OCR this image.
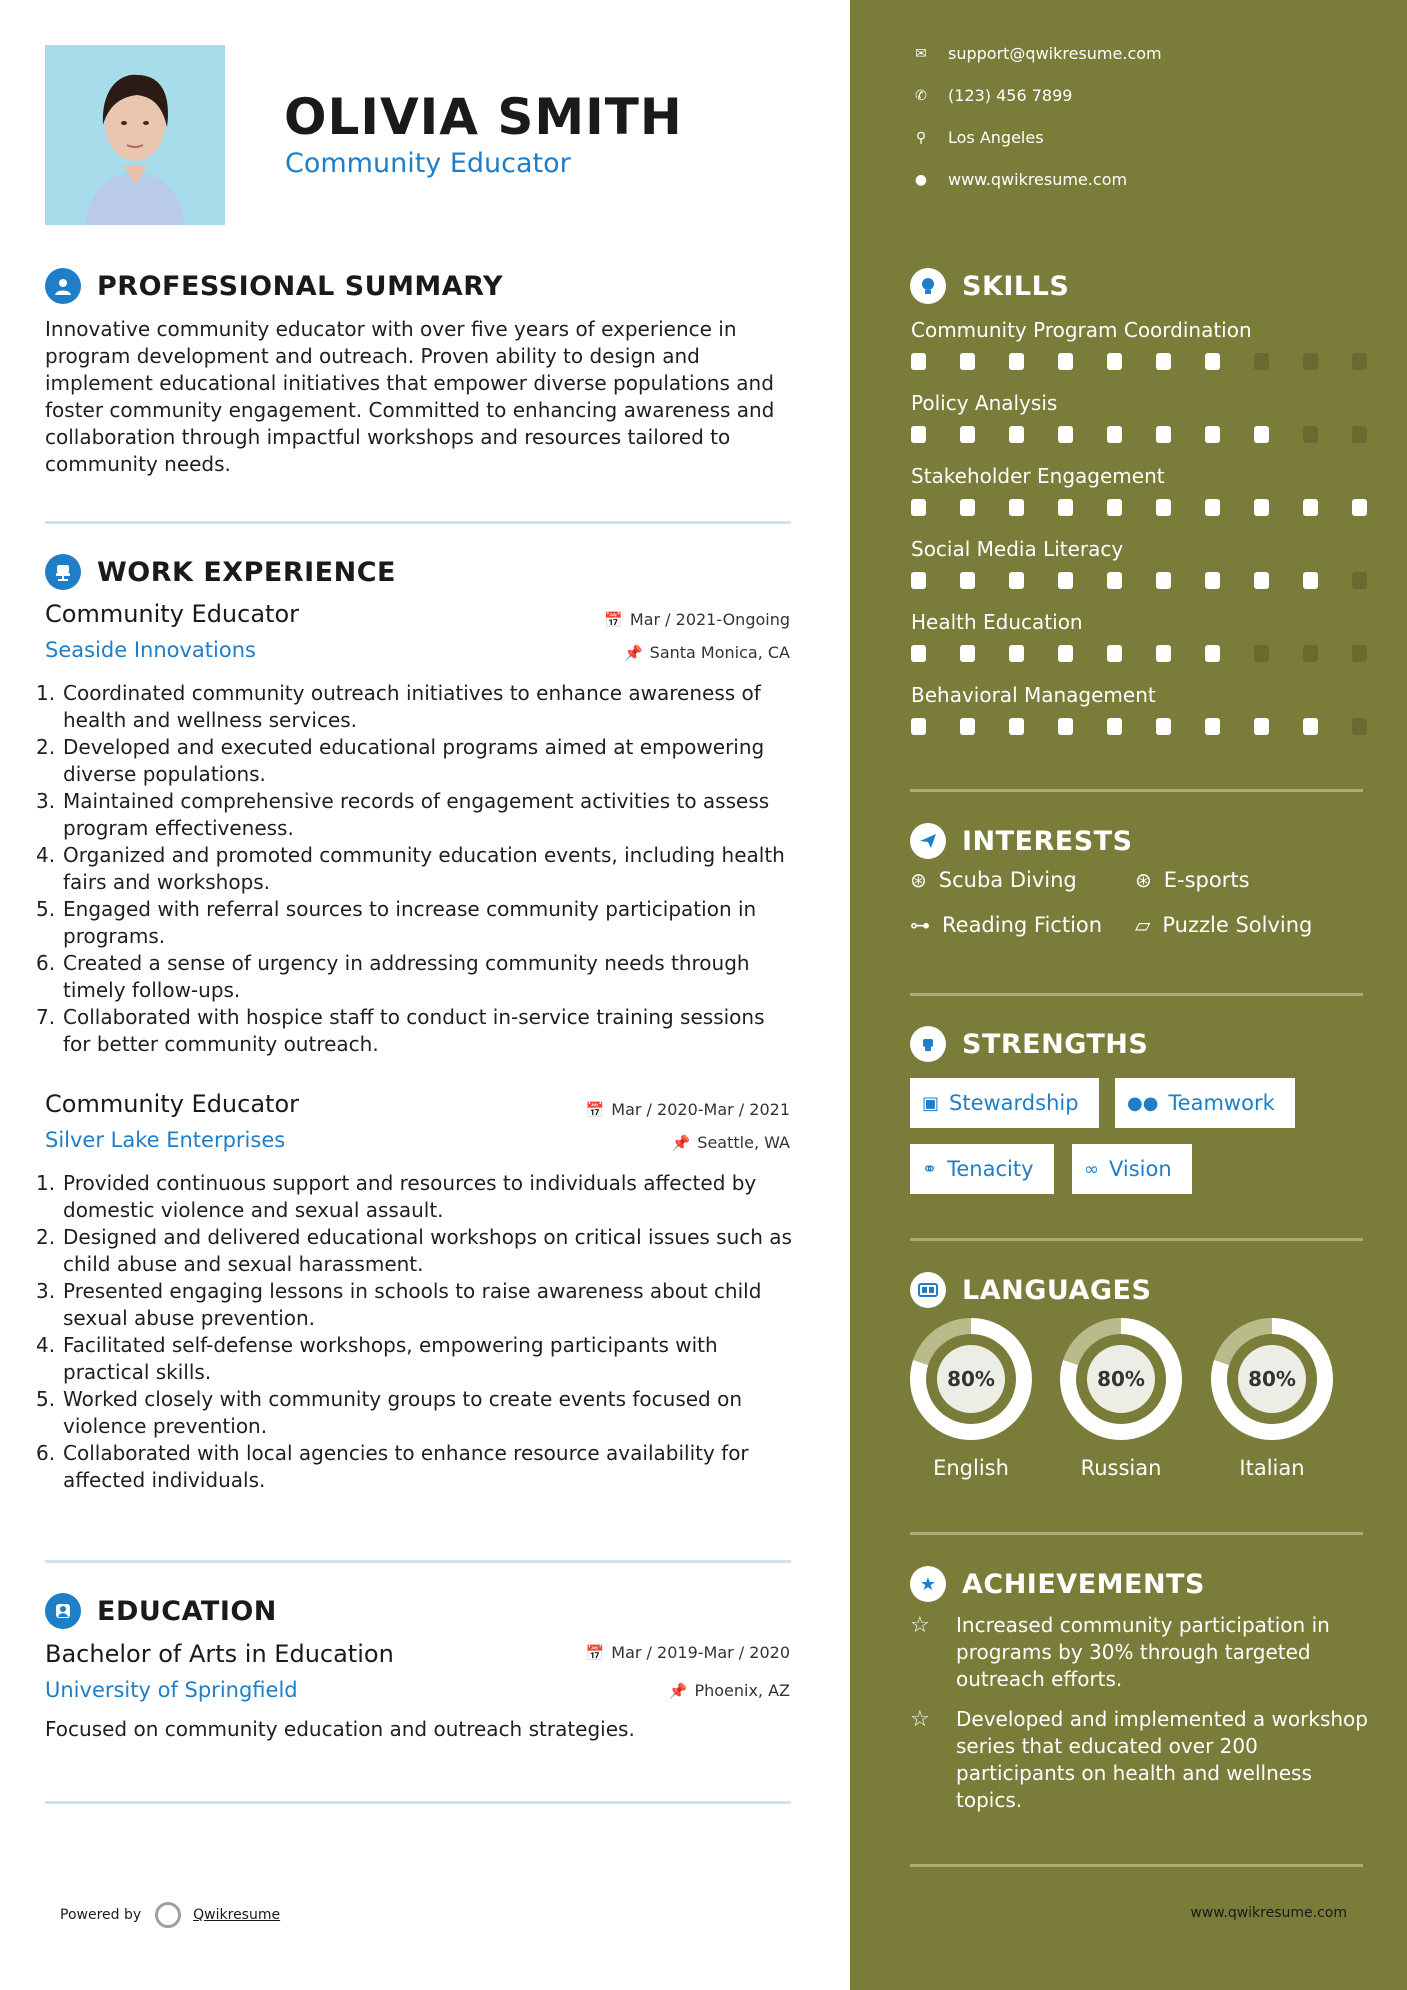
OLIVIA SMITH
Community Educator
PROFESSIONAL SUMMARY
Innovative community educator with over five years of experience in program development and outreach. Proven ability to design and implement educational initiatives that empower diverse populations and foster community engagement. Committed to enhancing awareness and collaboration through impactful workshops and resources tailored to community needs.
WORK EXPERIENCE
Community Educator	📅 Mar / 2021-Ongoing
Seaside Innovations	📌 Santa Monica, CA
1. Coordinated community outreach initiatives to enhance awareness of health and wellness services.
2. Developed and executed educational programs aimed at empowering diverse populations.
3. Maintained comprehensive records of engagement activities to assess program effectiveness.
4. Organized and promoted community education events, including health fairs and workshops.
5. Engaged with referral sources to increase community participation in programs.
6. Created a sense of urgency in addressing community needs through timely follow-ups.
7. Collaborated with hospice staff to conduct in-service training sessions for better community outreach.
Community Educator	📅 Mar / 2020-Mar / 2021
Silver Lake Enterprises	📌 Seattle, WA
1. Provided continuous support and resources to individuals affected by domestic violence and sexual assault.
2. Designed and delivered educational workshops on critical issues such as child abuse and sexual harassment.
3. Presented engaging lessons in schools to raise awareness about child sexual abuse prevention.
4. Facilitated self-defense workshops, empowering participants with practical skills.
5. Worked closely with community groups to create events focused on violence prevention.
6. Collaborated with local agencies to enhance resource availability for affected individuals.
EDUCATION
Bachelor of Arts in Education	📅 Mar / 2019-Mar / 2020
University of Springfield	📌 Phoenix, AZ
Focused on community education and outreach strategies.
Powered by	Qwikresume
✉ support@qwikresume.com
✆ (123) 456 7899
⚲ Los Angeles
● www.qwikresume.com
SKILLS
Community Program Coordination
Policy Analysis
Stakeholder Engagement
Social Media Literacy
Health Education
Behavioral Management
INTERESTS
⊛ Scuba Diving	⊛ E-sports
⊶ Reading Fiction ▱ Puzzle Solving
STRENGTHS
▣ Stewardship	●● Teamwork
⚭ Tenacity	∞ Vision
LANGUAGES
80%
English
80%
Russian
80%
Italian
★ ACHIEVEMENTS
☆	Increased community participation in programs by 30% through targeted outreach efforts.
☆	Developed and implemented a workshop series that educated over 200 participants on health and wellness topics.
www.qwikresume.com
